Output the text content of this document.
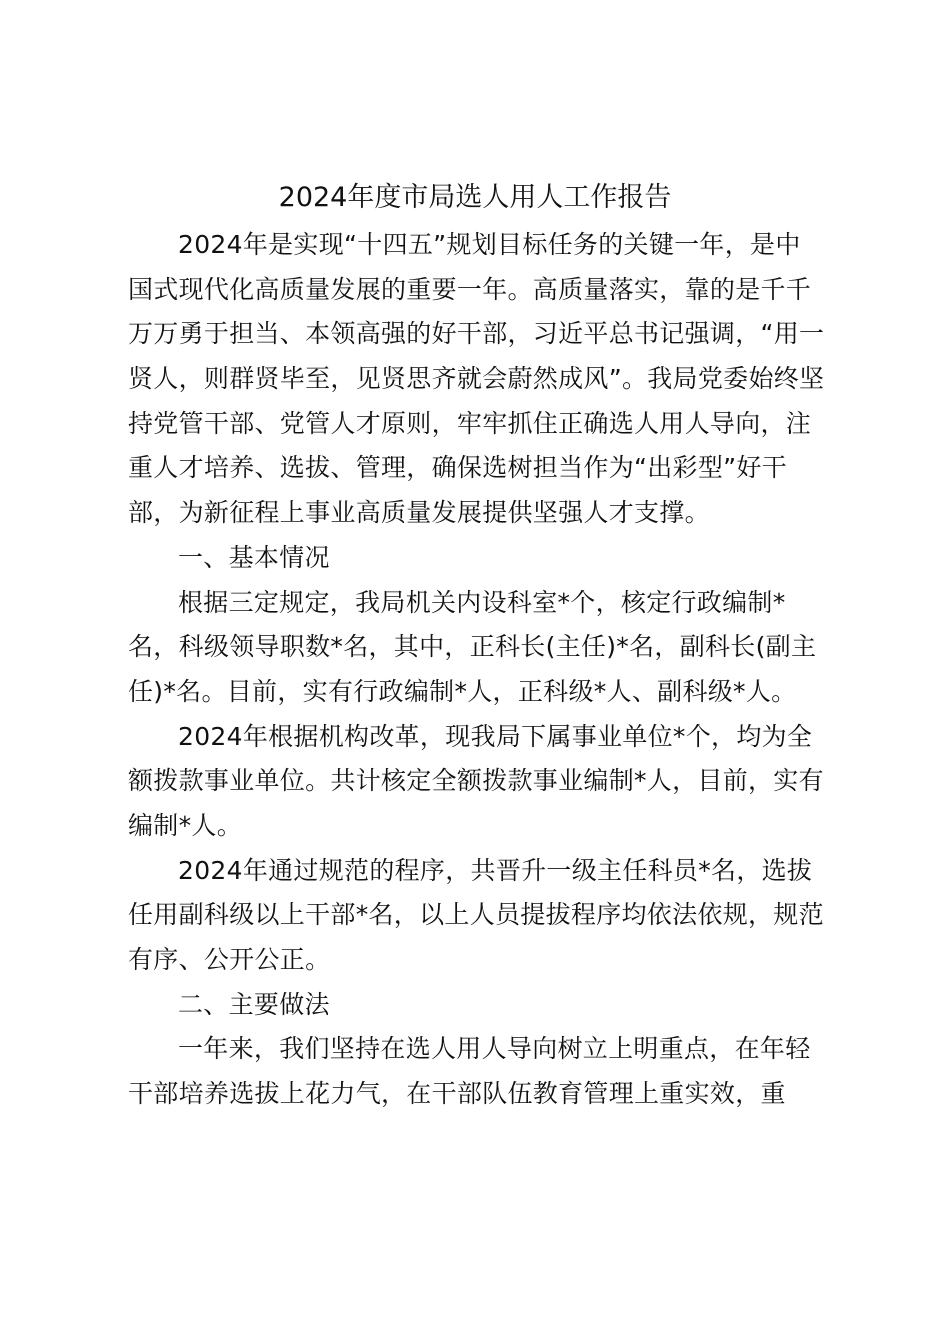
2024年度市局选人用人工作报告
2024年是实现“十四五”规划目标任务的关键一年，是中
国式现代化高质量发展的重要一年。高质量落实，靠的是千千
万万勇于担当、本领高强的好干部，习近平总书记强调，“用一
贤人，则群贤毕至，见贤思齐就会蔚然成风”。我局党委始终坚
持党管干部、党管人才原则，牢牢抓住正确选人用人导向，注
重人才培养、选拔、管理，确保选树担当作为“出彩型”好干
部，为新征程上事业高质量发展提供坚强人才支撑。
一、基本情况
根据三定规定，我局机关内设科室*个，核定行政编制*
名，科级领导职数*名，其中，正科长(主任)*名，副科长(副主
任)*名。目前，实有行政编制*人，正科级*人、副科级*人。
2024年根据机构改革，现我局下属事业单位*个，均为全
额拨款事业单位。共计核定全额拨款事业编制*人，目前，实有
编制*人。
2024年通过规范的程序，共晋升一级主任科员*名，选拔
任用副科级以上干部*名，以上人员提拔程序均依法依规，规范
有序、公开公正。
二、主要做法
一年来，我们坚持在选人用人导向树立上明重点，在年轻
干部培养选拔上花力气，在干部队伍教育管理上重实效，重
